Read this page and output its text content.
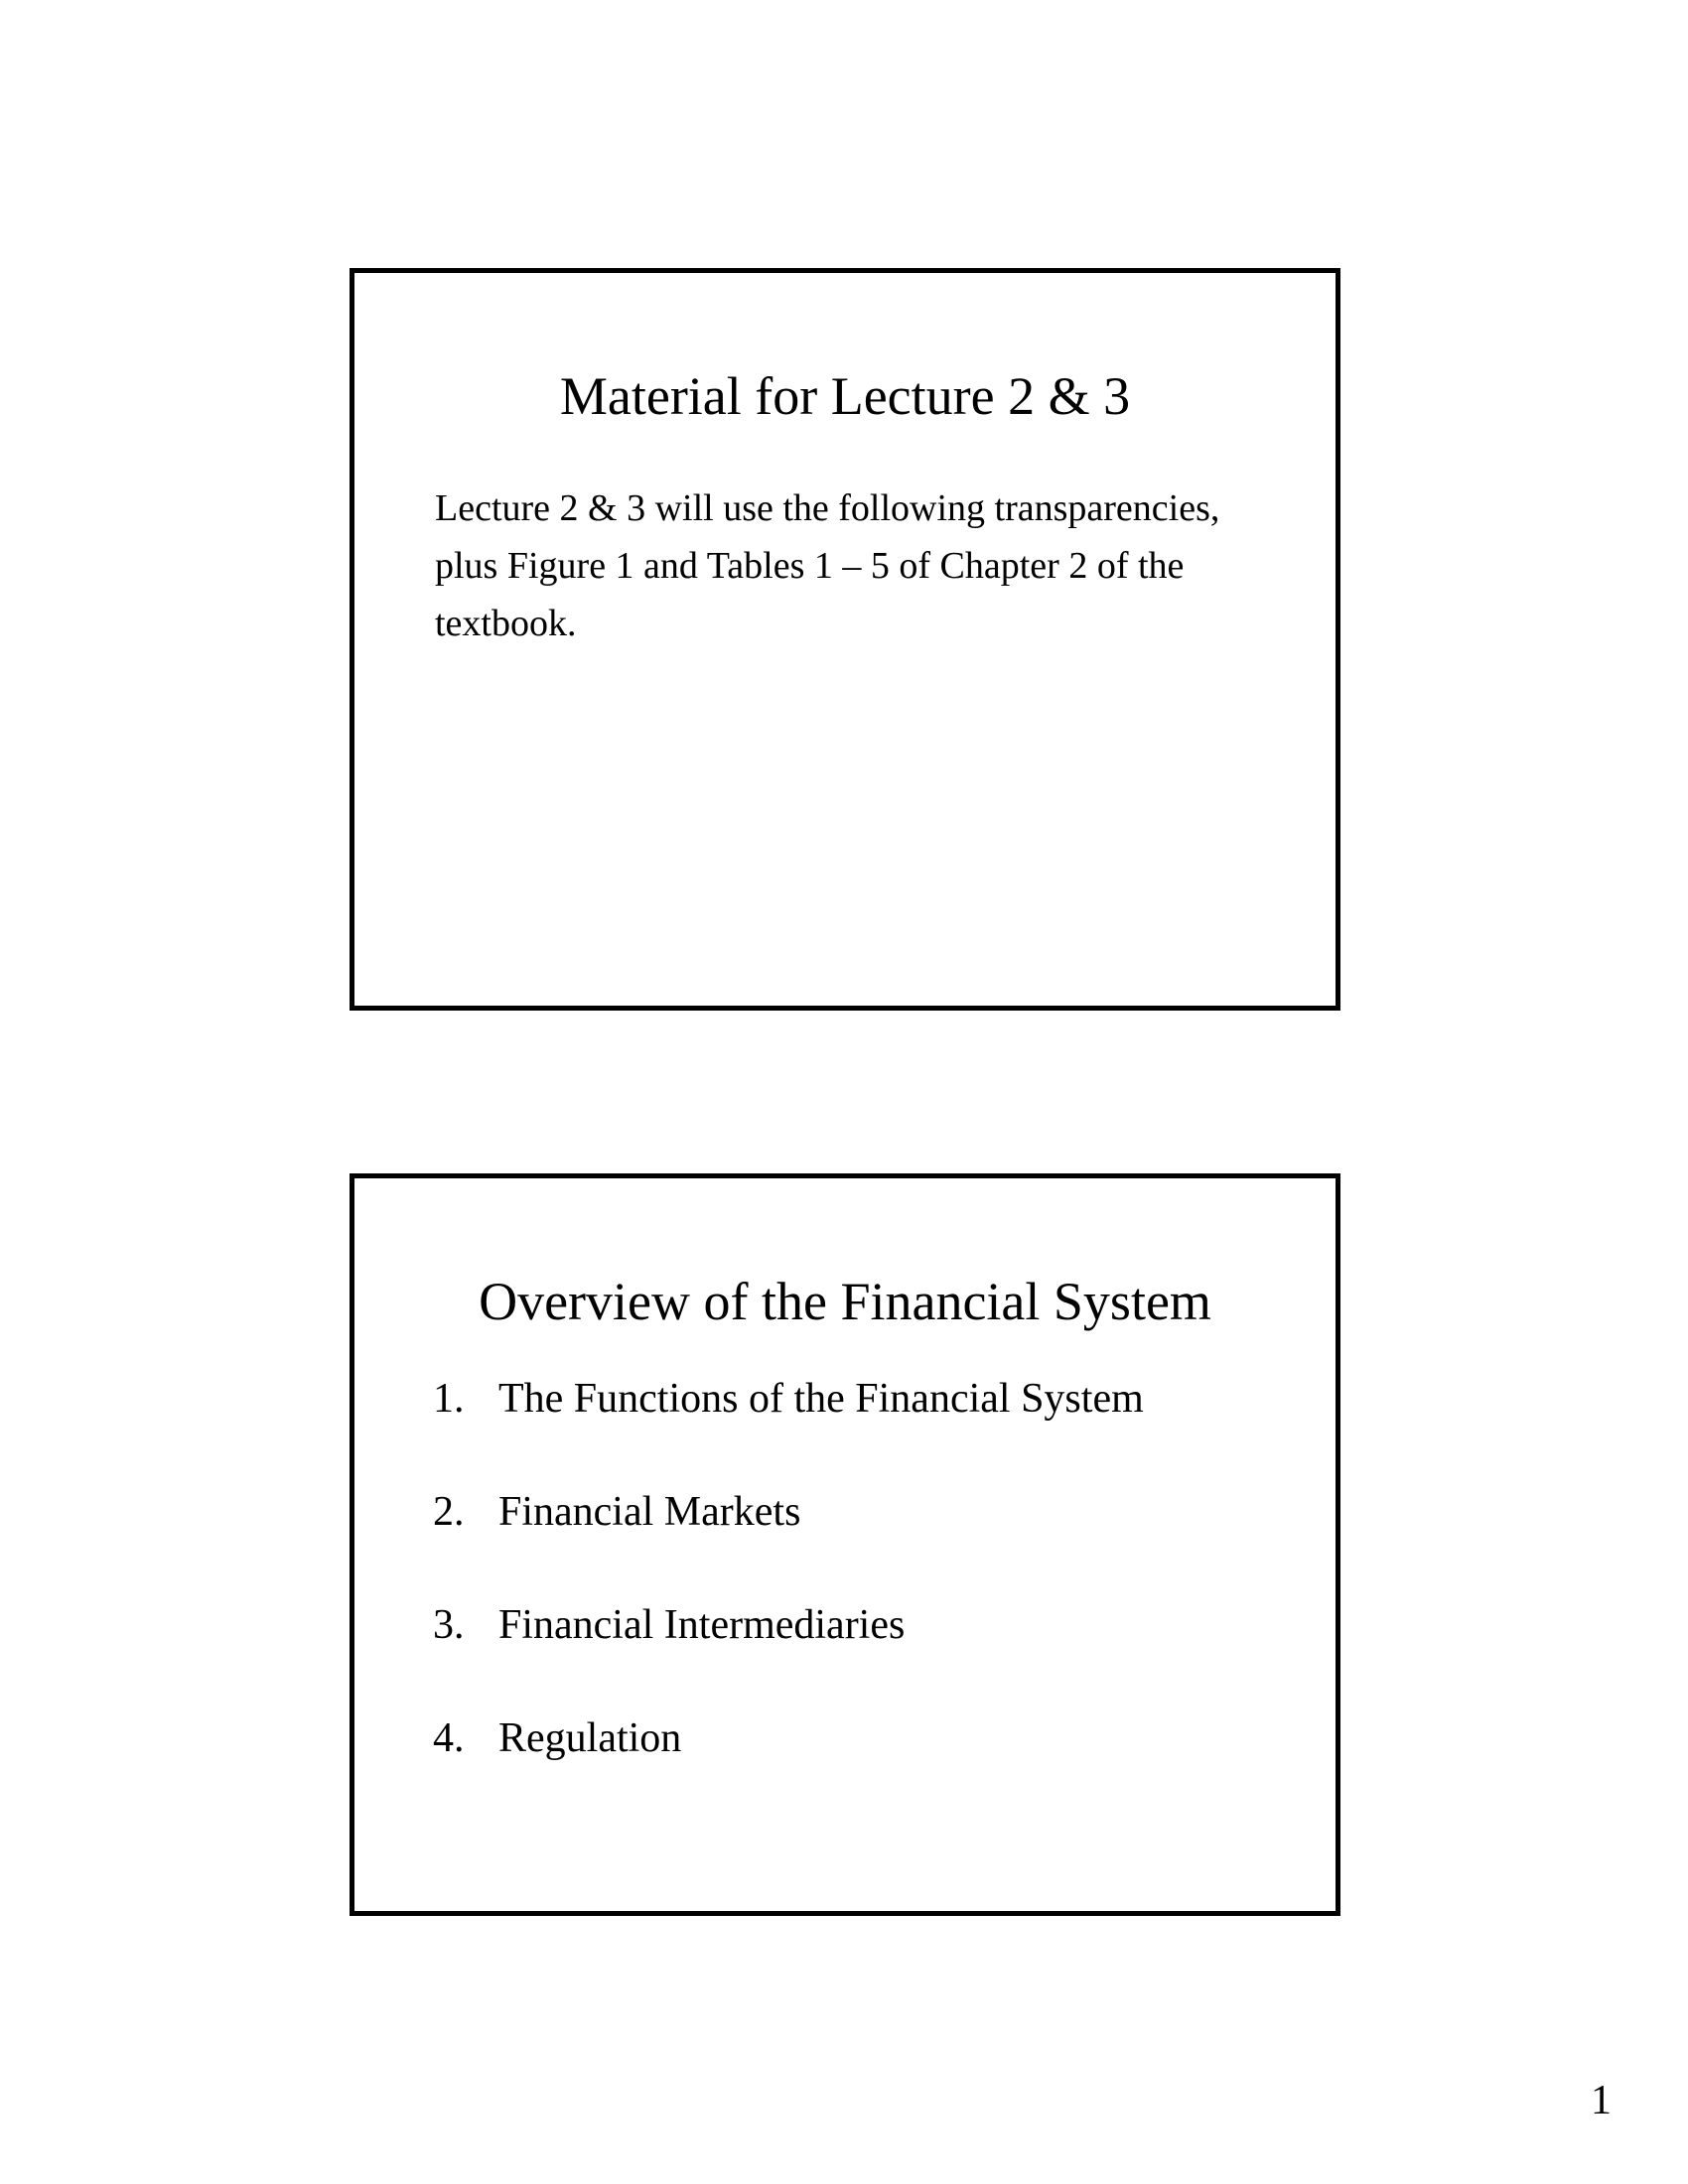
Material for Lecture 2 & 3
Lecture 2 & 3 will use the following transparencies,
plus Figure 1 and Tables 1 – 5 of Chapter 2 of the
textbook.
Overview of the Financial System
1. The Functions of the Financial System
2. Financial Markets
3. Financial Intermediaries
4. Regulation
1
